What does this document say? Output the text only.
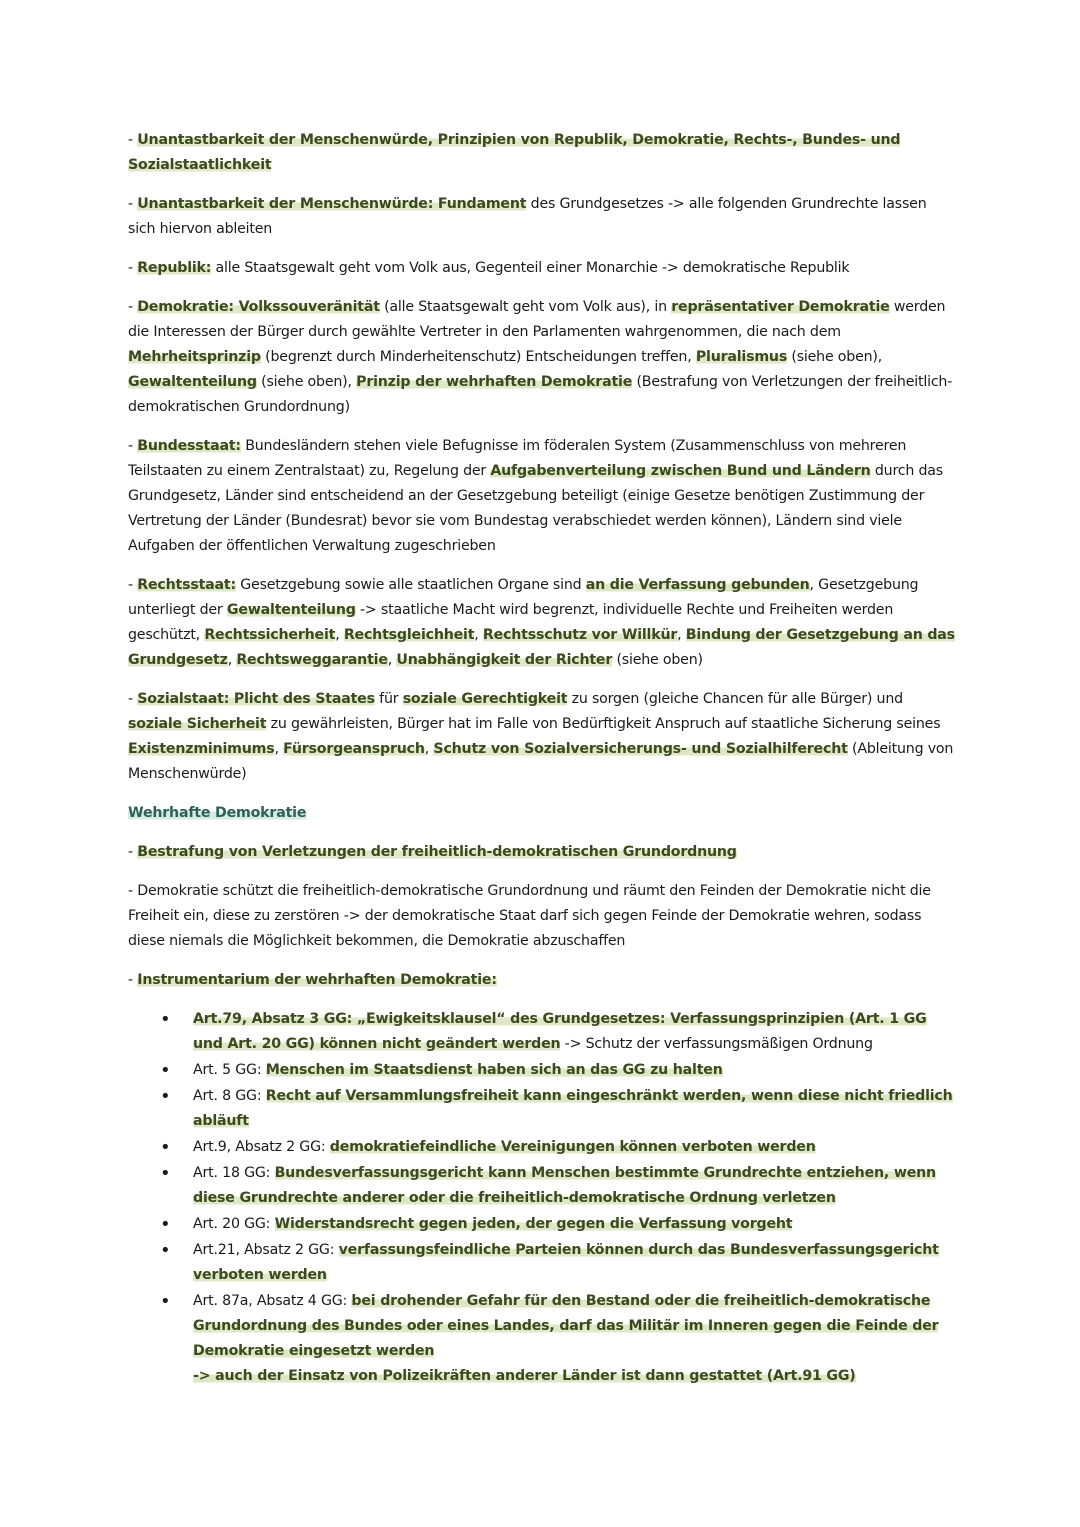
- Unantastbarkeit der Menschenwürde, Prinzipien von Republik, Demokratie, Rechts-, Bundes- und Sozialstaatlichkeit

- Unantastbarkeit der Menschenwürde: Fundament des Grundgesetzes -> alle folgenden Grundrechte lassen sich hiervon ableiten

- Republik: alle Staatsgewalt geht vom Volk aus, Gegenteil einer Monarchie -> demokratische Republik

- Demokratie: Volkssouveränität (alle Staatsgewalt geht vom Volk aus), in repräsentativer Demokratie werden die Interessen der Bürger durch gewählte Vertreter in den Parlamenten wahrgenommen, die nach dem Mehrheitsprinzip (begrenzt durch Minderheitenschutz) Entscheidungen treffen, Pluralismus (siehe oben), Gewaltenteilung (siehe oben), Prinzip der wehrhaften Demokratie (Bestrafung von Verletzungen der freiheitlich-demokratischen Grundordnung)

- Bundesstaat: Bundesländern stehen viele Befugnisse im föderalen System (Zusammenschluss von mehreren Teilstaaten zu einem Zentralstaat) zu, Regelung der Aufgabenverteilung zwischen Bund und Ländern durch das Grundgesetz, Länder sind entscheidend an der Gesetzgebung beteiligt (einige Gesetze benötigen Zustimmung der Vertretung der Länder (Bundesrat) bevor sie vom Bundestag verabschiedet werden können), Ländern sind viele Aufgaben der öffentlichen Verwaltung zugeschrieben

- Rechtsstaat: Gesetzgebung sowie alle staatlichen Organe sind an die Verfassung gebunden, Gesetzgebung unterliegt der Gewaltenteilung -> staatliche Macht wird begrenzt, individuelle Rechte und Freiheiten werden geschützt, Rechtssicherheit, Rechtsgleichheit, Rechtsschutz vor Willkür, Bindung der Gesetzgebung an das Grundgesetz, Rechtsweggarantie, Unabhängigkeit der Richter (siehe oben)

- Sozialstaat: Plicht des Staates für soziale Gerechtigkeit zu sorgen (gleiche Chancen für alle Bürger) und soziale Sicherheit zu gewährleisten, Bürger hat im Falle von Bedürftigkeit Anspruch auf staatliche Sicherung seines Existenzminimums, Fürsorgeanspruch, Schutz von Sozialversicherungs- und Sozialhilferecht (Ableitung von Menschenwürde)

Wehrhafte Demokratie

- Bestrafung von Verletzungen der freiheitlich-demokratischen Grundordnung

- Demokratie schützt die freiheitlich-demokratische Grundordnung und räumt den Feinden der Demokratie nicht die Freiheit ein, diese zu zerstören -> der demokratische Staat darf sich gegen Feinde der Demokratie wehren, sodass diese niemals die Möglichkeit bekommen, die Demokratie abzuschaffen

- Instrumentarium der wehrhaften Demokratie:

• Art.79, Absatz 3 GG: „Ewigkeitsklausel“ des Grundgesetzes: Verfassungsprinzipien (Art. 1 GG und Art. 20 GG) können nicht geändert werden -> Schutz der verfassungsmäßigen Ordnung
• Art. 5 GG: Menschen im Staatsdienst haben sich an das GG zu halten
• Art. 8 GG: Recht auf Versammlungsfreiheit kann eingeschränkt werden, wenn diese nicht friedlich abläuft
• Art.9, Absatz 2 GG: demokratiefeindliche Vereinigungen können verboten werden
• Art. 18 GG: Bundesverfassungsgericht kann Menschen bestimmte Grundrechte entziehen, wenn diese Grundrechte anderer oder die freiheitlich-demokratische Ordnung verletzen
• Art. 20 GG: Widerstandsrecht gegen jeden, der gegen die Verfassung vorgeht
• Art.21, Absatz 2 GG: verfassungsfeindliche Parteien können durch das Bundesverfassungsgericht verboten werden
• Art. 87a, Absatz 4 GG: bei drohender Gefahr für den Bestand oder die freiheitlich-demokratische Grundordnung des Bundes oder eines Landes, darf das Militär im Inneren gegen die Feinde der Demokratie eingesetzt werden
-> auch der Einsatz von Polizeikräften anderer Länder ist dann gestattet (Art.91 GG)
